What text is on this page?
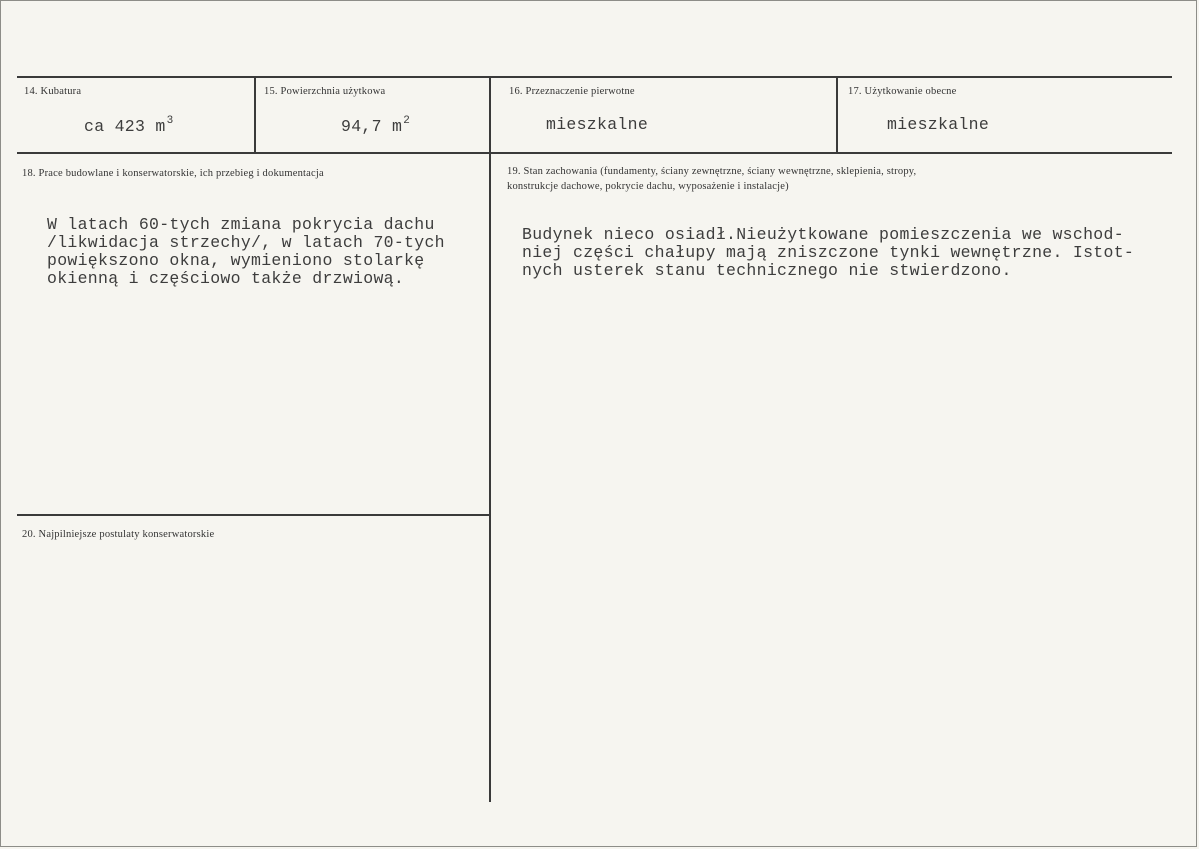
14. Kubatura
ca 423 $m^3$
15. Powierzchnia użytkowa
94,7 $m^2$
16. Przeznaczenie pierwotne
mieszkalne
17. Użytkowanie obecne
mieszkalne
18. Prace budowlane i konserwatorskie, ich przebieg i dokumentacja

W latach 60-tych zmiana pokrycia dachu
/likwidacja strzechy/, w latach 70-tych
powiększono okna, wymieniono stolarkę
okienną i częściowo także drzwiową.
19. Stan zachowania (fundamenty, ściany zewnętrzne, ściany wewnętrzne, sklepienia, stropy,
konstrukcje dachowe, pokrycie dachu, wyposażenie i instalacje)

Budynek nieco osiadł.Nieużytkowane pomieszczenia we wschod-
niej części chałupy mają zniszczone tynki wewnętrzne. Istot-
nych usterek stanu technicznego nie stwierdzono.
20. Najpilniejsze postulaty konserwatorskie
